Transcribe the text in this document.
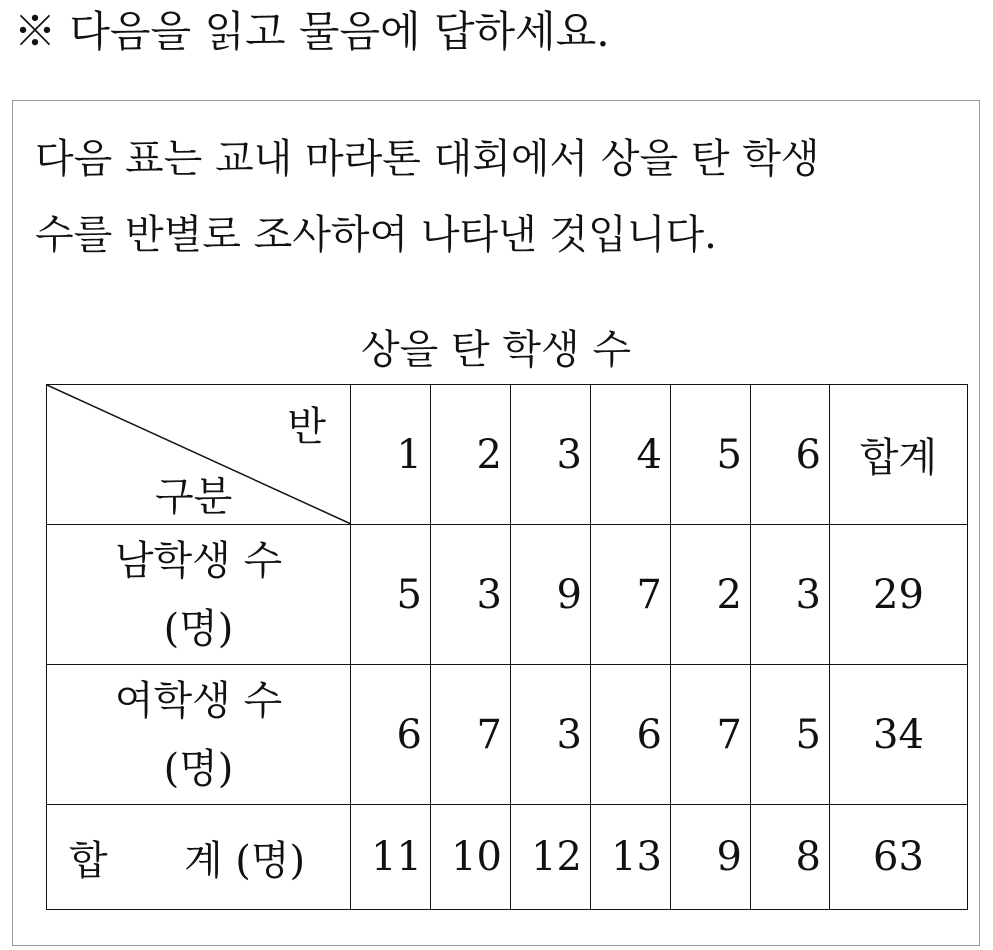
※ 다음을 읽고 물음에 답하세요.
다음 표는 교내 마라톤 대회에서 상을 탄 학생
수를 반별로 조사하여 나타낸 것입니다.
상을 탄 학생 수
반
구분	1	2	3	4	5	6	합계

남학생 수
(명)	5	3	9	7	2	3	29

여학생 수
(명)	6	7	3	6	7	5	34
합 계 (명)	11	10	12	13	9	8	63
